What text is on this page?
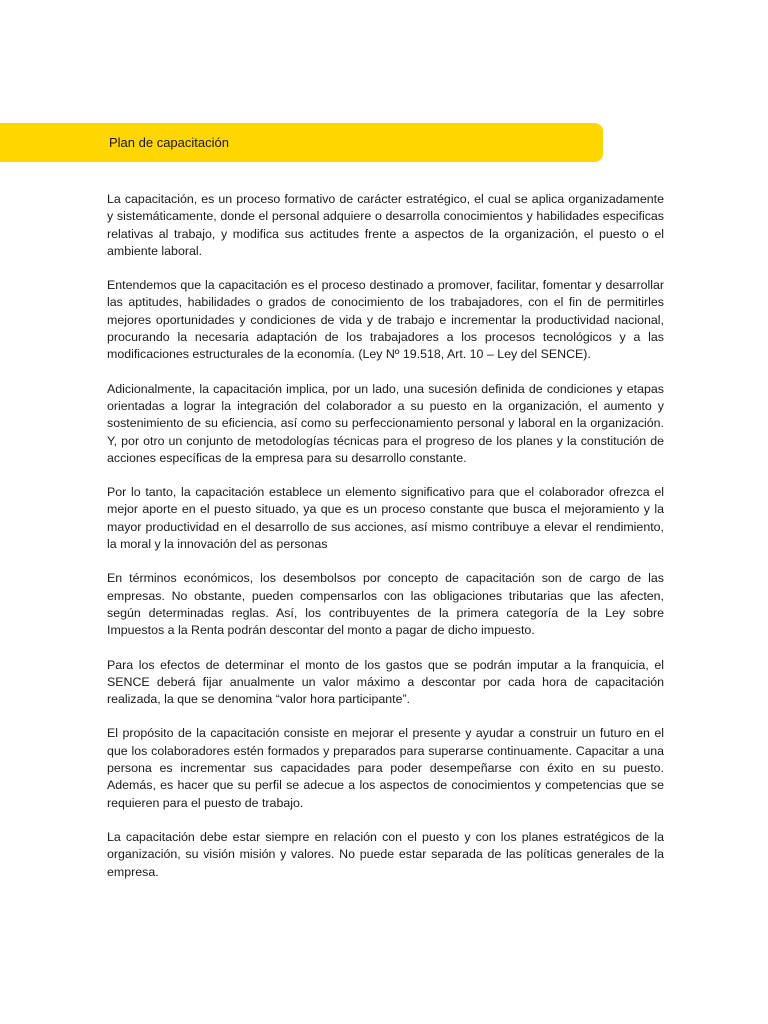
Plan de capacitación

La capacitación, es un proceso formativo de carácter estratégico, el cual se aplica organizadamente y sistemáticamente, donde el personal adquiere o desarrolla conocimientos y habilidades especificas relativas al trabajo, y modifica sus actitudes frente a aspectos de la organización, el puesto o el ambiente laboral.

Entendemos que la capacitación es el proceso destinado a promover, facilitar, fomentar y desarrollar las aptitudes, habilidades o grados de conocimiento de los trabajadores, con el fin de permitirles mejores oportunidades y condiciones de vida y de trabajo e incrementar la productividad nacional, procurando la necesaria adaptación de los trabajadores a los procesos tecnológicos y a las modificaciones estructurales de la economía. (Ley Nº 19.518, Art. 10 – Ley del SENCE).

Adicionalmente, la capacitación implica, por un lado, una sucesión definida de condiciones y etapas orientadas a lograr la integración del colaborador a su puesto en la organización, el aumento y sostenimiento de su eficiencia, así como su perfeccionamiento personal y laboral en la organización. Y, por otro un conjunto de metodologías técnicas para el progreso de los planes y la constitución de acciones específicas de la empresa para su desarrollo constante.

Por lo tanto, la capacitación establece un elemento significativo para que el colaborador ofrezca el mejor aporte en el puesto situado, ya que es un proceso constante que busca el mejoramiento y la mayor productividad en el desarrollo de sus acciones, así mismo contribuye a elevar el rendimiento, la moral y la innovación del as personas

En términos económicos, los desembolsos por concepto de capacitación son de cargo de las empresas. No obstante, pueden compensarlos con las obligaciones tributarias que las afecten, según determinadas reglas. Así, los contribuyentes de la primera categoría de la Ley sobre Impuestos a la Renta podrán descontar del monto a pagar de dicho impuesto.

Para los efectos de determinar el monto de los gastos que se podrán imputar a la franquicia, el SENCE deberá fijar anualmente un valor máximo a descontar por cada hora de capacitación realizada, la que se denomina “valor hora participante”.

El propósito de la capacitación consiste en mejorar el presente y ayudar a construir un futuro en el que los colaboradores estén formados y preparados para superarse continuamente. Capacitar a una persona es incrementar sus capacidades para poder desempeñarse con éxito en su puesto. Además, es hacer que su perfil se adecue a los aspectos de conocimientos y competencias que se requieren para el puesto de trabajo.

La capacitación debe estar siempre en relación con el puesto y con los planes estratégicos de la organización, su visión misión y valores. No puede estar separada de las políticas generales de la empresa.
